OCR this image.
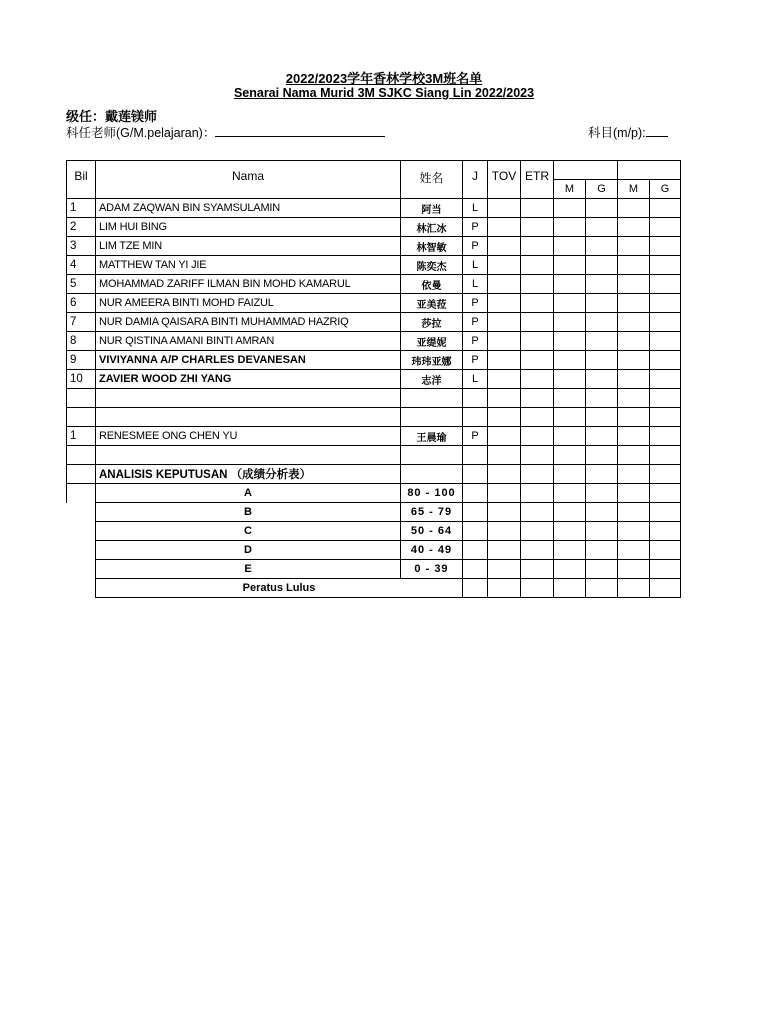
2022/2023学年香林学校3M班名单
Senarai Nama Murid 3M SJKC Siang Lin 2022/2023
级任：戴莲镁师
科任老师(G/M.pelajaran)：	科目(m/p):
Bil	Nama	姓名	J	TOV	ETR				
						M	G	M	G
1	ADAM ZAQWAN BIN SYAMSULAMIN	阿当	L						
2	LIM HUI BING	林汇冰	P						
3	LIM TZE MIN	林智敏	P						
4	MATTHEW TAN YI JIE	陈奕杰	L						
5	MOHAMMAD ZARIFF ILMAN BIN MOHD KAMARUL	依曼	L						
6	NUR AMEERA BINTI MOHD FAIZUL	亚美菈	P						
7	NUR DAMIA QAISARA BINTI MUHAMMAD HAZRIQ	莎拉	P						
8	NUR QISTINA AMANI BINTI AMRAN	亚缇妮	P						
9	VIVIYANNA A/P CHARLES DEVANESAN	玮玮亚娜	P						
10	ZAVIER WOOD ZHI YANG	志洋	L						

1	RENESMEE ONG CHEN YU	王晨瑜	P						

	ANALISIS KEPUTUSAN （成绩分析表）								
	A	80 - 100							
	B	65 - 79							
	C	50 - 64							
	D	40 - 49							
	E	0 - 39							
	Peratus Lulus								
